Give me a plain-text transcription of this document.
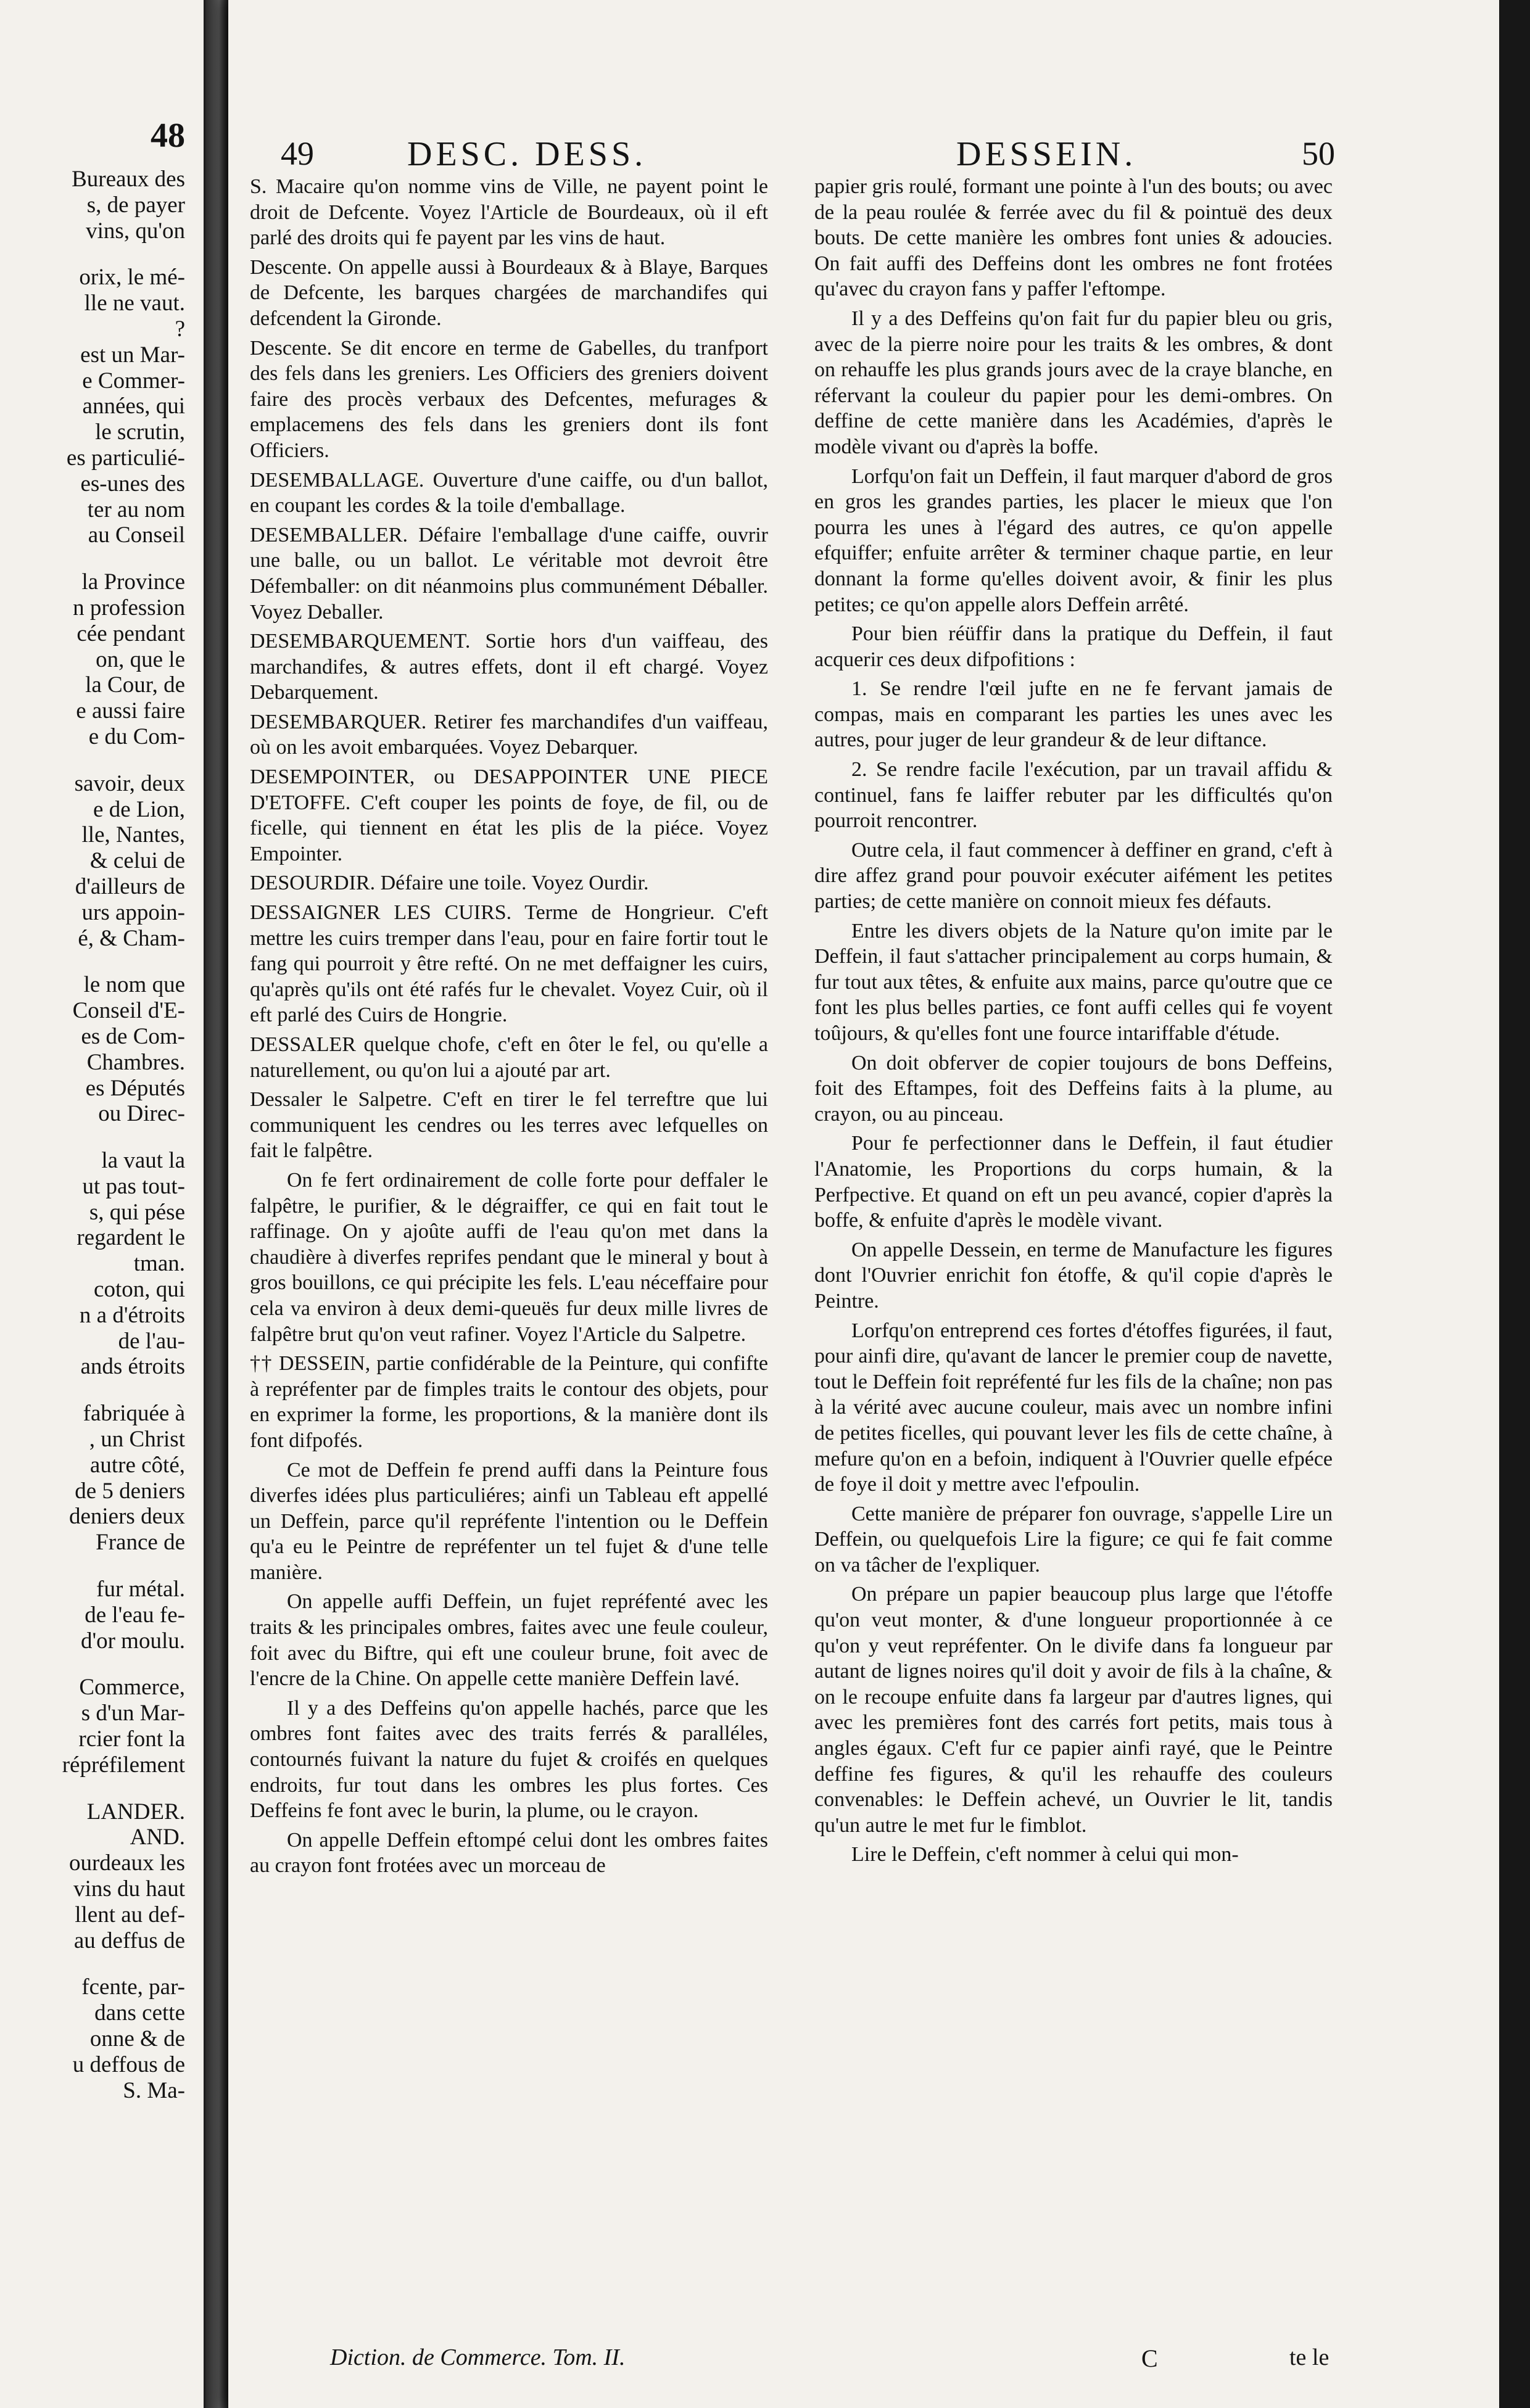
Bureaux des
s, de payer
vins, qu'on
orix, le mé-
lle ne vaut.
?
est un Mar-
e Commer-
années, qui
le scrutin,
es particulié-
es-unes des
ter au nom
au Conseil
la Province
n profession
cée pendant
on, que le
la Cour, de
e aussi faire
e du Com-
savoir, deux
e de Lion,
lle, Nantes,
& celui de
d'ailleurs de
urs appoin-
é, & Cham-
le nom que
Conseil d'E-
es de Com-
Chambres.
es Députés
ou Direc-
la vaut la
ut pas tout-
s, qui pése
regardent le
tman.
coton, qui
n a d'étroits
de l'au-
ands étroits
fabriquée à
, un Christ
autre côté,
de 5 deniers
deniers deux
France de
fur métal.
de l'eau fe-
d'or moulu.
Commerce,
s d'un Mar-
rcier font la
répréfilement
LANDER.
AND.
ourdeaux les
vins du haut
llent au def-
au deffus de
fcente, par-
dans cette
onne & de
u deffous de
S. Ma-
48	DESC. DESS.
49	DESSEIN.	50

S. Macaire qu'on nomme vins de Ville, ne payent point le droit de Defcente. Voyez l'Article de Bourdeaux, où il eft parlé des droits qui fe payent par les vins de haut.

Descente. On appelle aussi à Bourdeaux & à Blaye, Barques de Defcente, les barques chargées de marchandifes qui defcendent la Gironde.

Descente. Se dit encore en terme de Gabelles, du tranfport des fels dans les greniers. Les Officiers des greniers doivent faire des procès verbaux des Defcentes, mefurages & emplacemens des fels dans les greniers dont ils font Officiers.

DESEMBALLAGE. Ouverture d'une caiffe, ou d'un ballot, en coupant les cordes & la toile d'emballage.

DESEMBALLER. Défaire l'emballage d'une caiffe, ouvrir une balle, ou un ballot. Le véritable mot devroit être Défemballer: on dit néanmoins plus communément Déballer. Voyez Deballer.

DESEMBARQUEMENT. Sortie hors d'un vaiffeau, des marchandifes, & autres effets, dont il eft chargé. Voyez Debarquement.

DESEMBARQUER. Retirer fes marchandifes d'un vaiffeau, où on les avoit embarquées. Voyez Debarquer.

DESEMPOINTER, ou DESAPPOINTER UNE PIECE D'ETOFFE. C'eft couper les points de foye, de fil, ou de ficelle, qui tiennent en état les plis de la piéce. Voyez Empointer.

DESOURDIR. Défaire une toile. Voyez Ourdir.

DESSAIGNER LES CUIRS. Terme de Hongrieur. C'eft mettre les cuirs tremper dans l'eau, pour en faire fortir tout le fang qui pourroit y être refté. On ne met deffaigner les cuirs, qu'après qu'ils ont été rafés fur le chevalet. Voyez Cuir, où il eft parlé des Cuirs de Hongrie.

DESSALER quelque chofe, c'eft en ôter le fel, ou qu'elle a naturellement, ou qu'on lui a ajouté par art.

Dessaler le Salpetre. C'eft en tirer le fel terreftre que lui communiquent les cendres ou les terres avec lefquelles on fait le falpêtre.

On fe fert ordinairement de colle forte pour deffaler le falpêtre, le purifier, & le dégraiffer, ce qui en fait tout le raffinage. On y ajoûte auffi de l'eau qu'on met dans la chaudière à diverfes reprifes pendant que le mineral y bout à gros bouillons, ce qui précipite les fels. L'eau néceffaire pour cela va environ à deux demi-queuës fur deux mille livres de falpêtre brut qu'on veut rafiner. Voyez l'Article du Salpetre.

†† DESSEIN, partie confidérable de la Peinture, qui confifte à repréfenter par de fimples traits le contour des objets, pour en exprimer la forme, les proportions, & la manière dont ils font difpofés.

Ce mot de Deffein fe prend auffi dans la Peinture fous diverfes idées plus particuliéres; ainfi un Tableau eft appellé un Deffein, parce qu'il repréfente l'intention ou le Deffein qu'a eu le Peintre de repréfenter un tel fujet & d'une telle manière.

On appelle auffi Deffein, un fujet repréfenté avec les traits & les principales ombres, faites avec une feule couleur, foit avec du Biftre, qui eft une couleur brune, foit avec de l'encre de la Chine. On appelle cette manière Deffein lavé.

Il y a des Deffeins qu'on appelle hachés, parce que les ombres font faites avec des traits ferrés & paralléles, contournés fuivant la nature du fujet & croifés en quelques endroits, fur tout dans les ombres les plus fortes. Ces Deffeins fe font avec le burin, la plume, ou le crayon.

On appelle Deffein eftompé celui dont les ombres faites au crayon font frotées avec un morceau de

papier gris roulé, formant une pointe à l'un des bouts; ou avec de la peau roulée & ferrée avec du fil & pointuë des deux bouts. De cette manière les ombres font unies & adoucies. On fait auffi des Deffeins dont les ombres ne font frotées qu'avec du crayon fans y paffer l'eftompe.

Il y a des Deffeins qu'on fait fur du papier bleu ou gris, avec de la pierre noire pour les traits & les ombres, & dont on rehauffe les plus grands jours avec de la craye blanche, en réfervant la couleur du papier pour les demi-ombres. On deffine de cette manière dans les Académies, d'après le modèle vivant ou d'après la boffe.

Lorfqu'on fait un Deffein, il faut marquer d'abord de gros en gros les grandes parties, les placer le mieux que l'on pourra les unes à l'égard des autres, ce qu'on appelle efquiffer; enfuite arrêter & terminer chaque partie, en leur donnant la forme qu'elles doivent avoir, & finir les plus petites; ce qu'on appelle alors Deffein arrêté.

Pour bien réüffir dans la pratique du Deffein, il faut acquerir ces deux difpofitions :

1. Se rendre l'œil jufte en ne fe fervant jamais de compas, mais en comparant les parties les unes avec les autres, pour juger de leur grandeur & de leur diftance.

2. Se rendre facile l'exécution, par un travail affidu & continuel, fans fe laiffer rebuter par les difficultés qu'on pourroit rencontrer.

Outre cela, il faut commencer à deffiner en grand, c'eft à dire affez grand pour pouvoir exécuter aifément les petites parties; de cette manière on connoit mieux fes défauts.

Entre les divers objets de la Nature qu'on imite par le Deffein, il faut s'attacher principalement au corps humain, & fur tout aux têtes, & enfuite aux mains, parce qu'outre que ce font les plus belles parties, ce font auffi celles qui fe voyent toûjours, & qu'elles font une fource intariffable d'étude.

On doit obferver de copier toujours de bons Deffeins, foit des Eftampes, foit des Deffeins faits à la plume, au crayon, ou au pinceau.

Pour fe perfectionner dans le Deffein, il faut étudier l'Anatomie, les Proportions du corps humain, & la Perfpective. Et quand on eft un peu avancé, copier d'après la boffe, & enfuite d'après le modèle vivant.

On appelle Dessein, en terme de Manufacture les figures dont l'Ouvrier enrichit fon étoffe, & qu'il copie d'après le Peintre.

Lorfqu'on entreprend ces fortes d'étoffes figurées, il faut, pour ainfi dire, qu'avant de lancer le premier coup de navette, tout le Deffein foit repréfenté fur les fils de la chaîne; non pas à la vérité avec aucune couleur, mais avec un nombre infini de petites ficelles, qui pouvant lever les fils de cette chaîne, à mefure qu'on en a befoin, indiquent à l'Ouvrier quelle efpéce de foye il doit y mettre avec l'efpoulin.

Cette manière de préparer fon ouvrage, s'appelle Lire un Deffein, ou quelquefois Lire la figure; ce qui fe fait comme on va tâcher de l'expliquer.

On prépare un papier beaucoup plus large que l'étoffe qu'on veut monter, & d'une longueur proportionnée à ce qu'on y veut repréfenter. On le divife dans fa longueur par autant de lignes noires qu'il doit y avoir de fils à la chaîne, & on le recoupe enfuite dans fa largeur par d'autres lignes, qui avec les premières font des carrés fort petits, mais tous à angles égaux. C'eft fur ce papier ainfi rayé, que le Peintre deffine fes figures, & qu'il les rehauffe des couleurs convenables: le Deffein achevé, un Ouvrier le lit, tandis qu'un autre le met fur le fimblot.

Lire le Deffein, c'eft nommer à celui qui mon-

Diction. de Commerce. Tom. II.	C	te le
